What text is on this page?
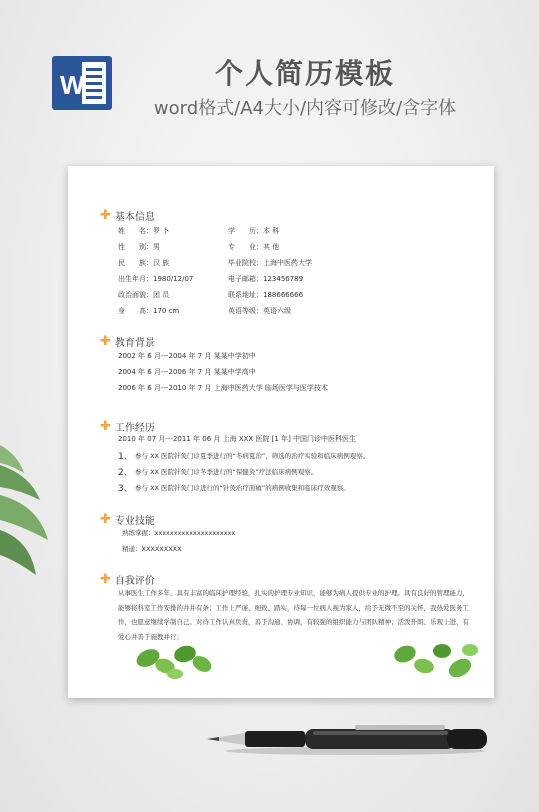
W	个人简历模板
word格式/A4大小/内容可修改/含字体
✚ 基本信息
姓　　名：罗 卜	学　　历：本 科
性　　别：男	专　　业：其 他
民　　族：汉 族	毕业院校：上海中医药大学
出生年月：1980/12/07	电子邮箱：123456789
政治面貌：团 员	联系地址：188666666
身　　高：170 cm	英语等级：英语六级
✚ 教育背景
2002 年 6 月---2004 年 7 月 某某中学初中
2004 年 6 月---2006 年 7 月 某某中学高中
2006 年 6 月---2010 年 7 月 上海中医药大学 临场医学与医学技术
✚ 工作经历
2010 年 07 月---2011 年 06 月 上海 XXX 医院 [1 年] 中国门诊中医科医生
1、 参与 XX 医院针灸门诊夏季进行的“冬病夏治”，筛选的治疗实验和临床病例观察。
2、 参与 XX 医院针灸门诊冬季进行的“保健灸”疗法临床病例观察。
3、 参与 XX 医院针灸门诊进行的“针灸治疗面瘫”的病例收集和临床疗效观察。
✚ 专业技能
熟练掌握：xxxxxxxxxxxxxxxxxxxxx
精通：XXXXXXXXX
✚ 自我评价
从事医生工作多年，具有丰富的临床护理经验，扎实的护理专业知识，能够为病人提供专业的护理。具有良好的管理能力，能够将科室工作安排的井井有条；工作上严谨、细致、踏实，待每一位病人视为家人，给予无微不至的关怀，我热爱医务工作，也愿意继续学制自己。对待工作认真负责，善于沟通、协调，有较强的组织能力与团队精神；活泼开朗、乐观上进、有爱心并善于施教并行；
